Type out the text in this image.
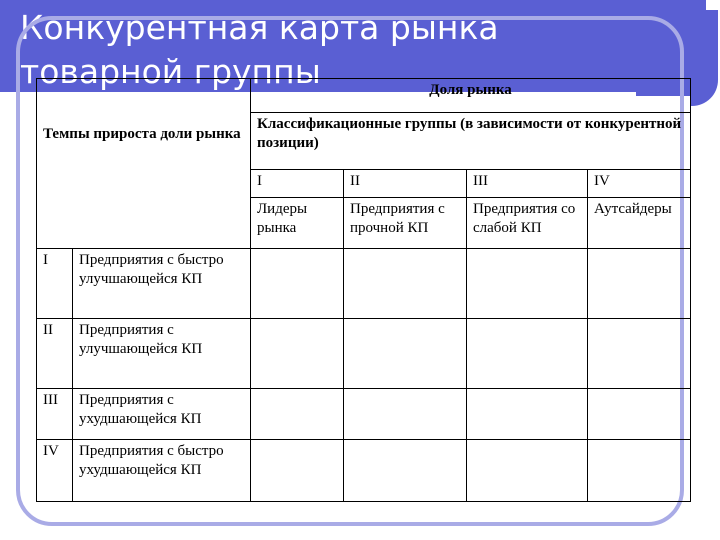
Конкурентная карта рынка
товарной группы
Темпы прироста доли рынка		Доля рынка			
		Классификационные группы (в зависимости от конкурентной позиции)			
		I	II	III	IV
		Лидеры рынка	Предприятия с прочной КП	Предприятия со слабой КП	Аутсайдеры
I	Предприятия с быстро улучшающейся КП				
II	Предприятия с улучшающейся КП				
III	Предприятия с ухудшающейся КП				
IV	Предприятия с быстро ухудшающейся КП				
